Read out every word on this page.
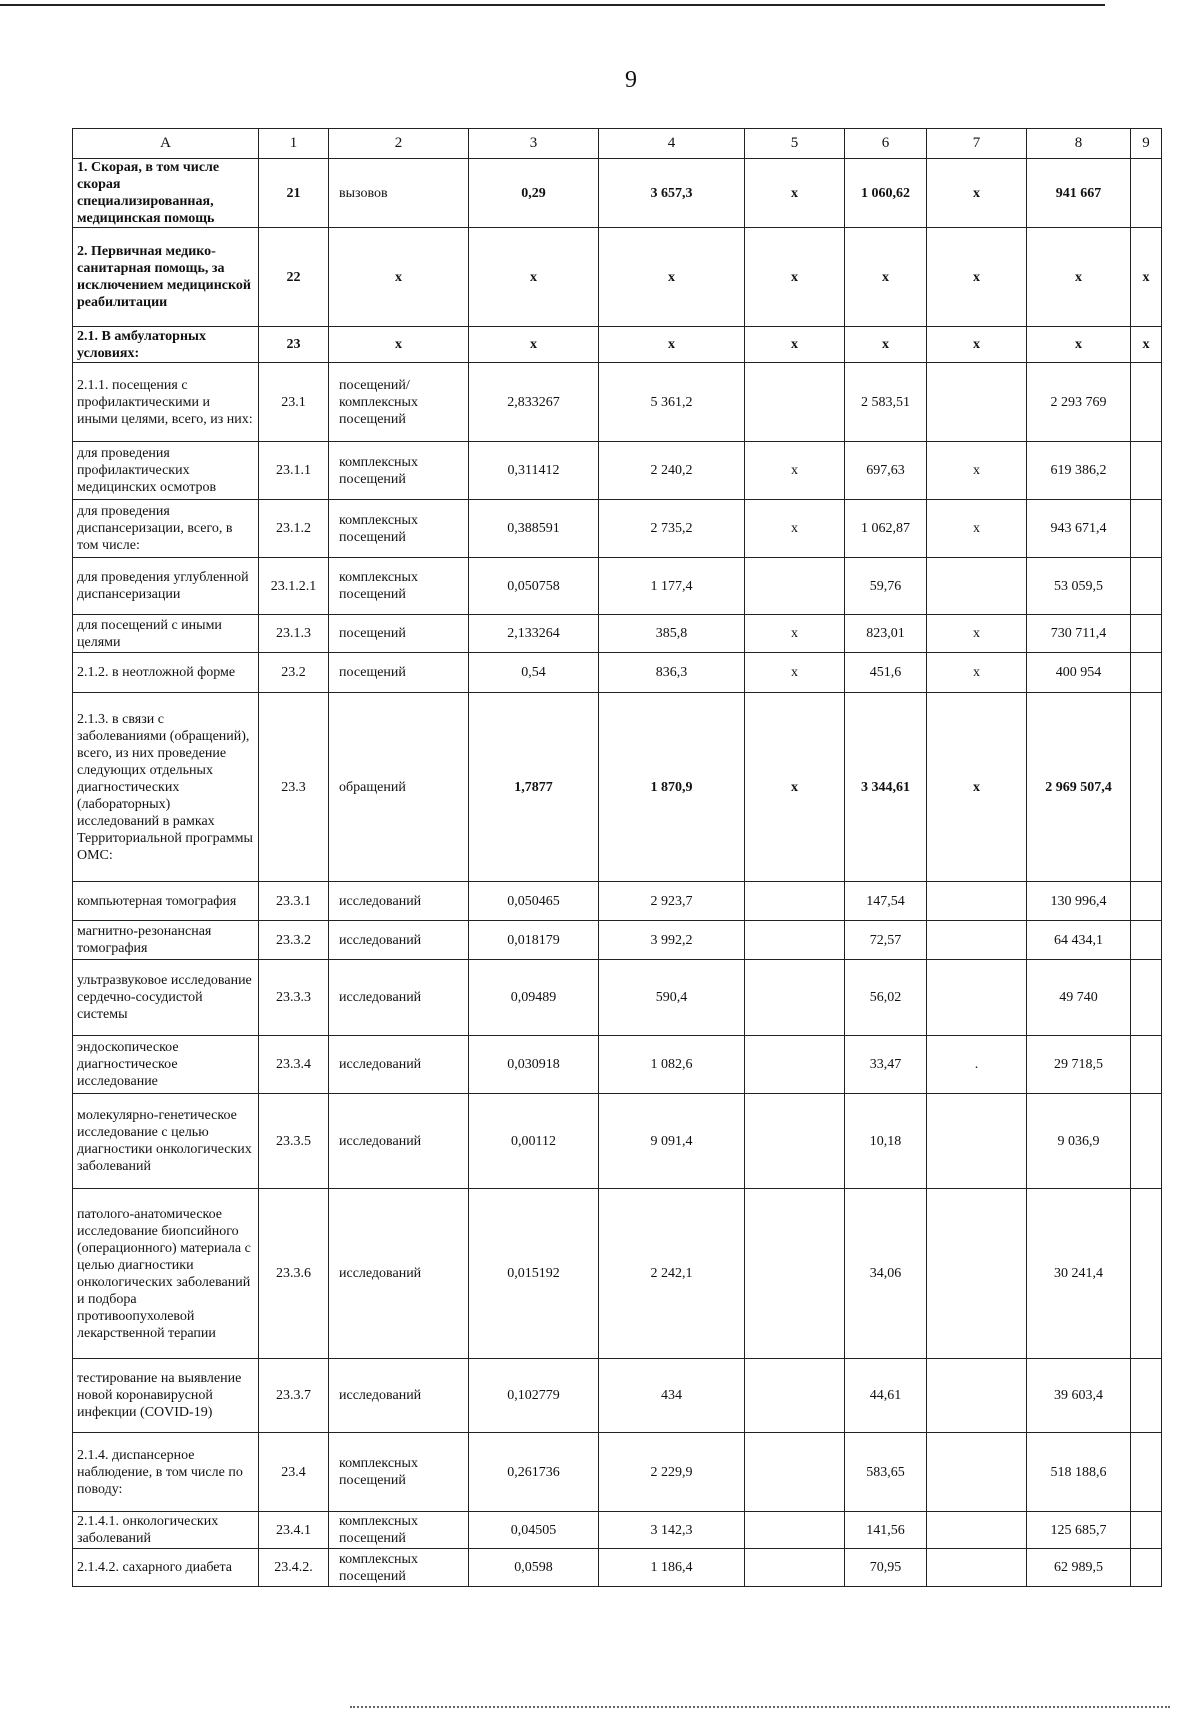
9
А	1	2	3	4	5	6	7	8	9
1. Скорая, в том числе скорая специализированная, медицинская помощь	21	вызовов	0,29	3 657,3	х	1 060,62	х	941 667	
2. Первичная медико-санитарная помощь, за исключением медицинской реабилитации	22	х	х	х	х	х	х	х	х
2.1. В амбулаторных условиях:	23	х	х	х	х	х	х	х	х
2.1.1. посещения с профилактическими и иными целями, всего, из них:	23.1	посещений/ комплексных посещений	2,833267	5 361,2		2 583,51		2 293 769	
для проведения профилактических медицинских осмотров	23.1.1	комплексных посещений	0,311412	2 240,2	х	697,63	х	619 386,2	
для проведения диспансеризации, всего, в том числе:	23.1.2	комплексных посещений	0,388591	2 735,2	х	1 062,87	х	943 671,4	
для проведения углубленной диспансеризации	23.1.2.1	комплексных посещений	0,050758	1 177,4		59,76		53 059,5	
для посещений с иными целями	23.1.3	посещений	2,133264	385,8	х	823,01	х	730 711,4	
2.1.2. в неотложной форме	23.2	посещений	0,54	836,3	х	451,6	х	400 954	
2.1.3. в связи с заболеваниями (обращений), всего, из них проведение следующих отдельных диагностических (лабораторных) исследований в рамках Территориальной программы ОМС:	23.3	обращений	1,7877	1 870,9	х	3 344,61	х	2 969 507,4	
компьютерная томография	23.3.1	исследований	0,050465	2 923,7		147,54		130 996,4	
магнитно-резонансная томография	23.3.2	исследований	0,018179	3 992,2		72,57		64 434,1	
ультразвуковое исследование сердечно-сосудистой системы	23.3.3	исследований	0,09489	590,4		56,02		49 740	
эндоскопическое диагностическое исследование	23.3.4	исследований	0,030918	1 082,6		33,47	.	29 718,5	
молекулярно-генетическое исследование с целью диагностики онкологических заболеваний	23.3.5	исследований	0,00112	9 091,4		10,18		9 036,9	
патолого-анатомическое исследование биопсийного (операционного) материала с целью диагностики онкологических заболеваний и подбора противоопухолевой лекарственной терапии	23.3.6	исследований	0,015192	2 242,1		34,06		30 241,4	
тестирование на выявление новой коронавирусной инфекции (COVID-19)	23.3.7	исследований	0,102779	434		44,61		39 603,4	
2.1.4. диспансерное наблюдение, в том числе по поводу:	23.4	комплексных посещений	0,261736	2 229,9		583,65		518 188,6	
2.1.4.1. онкологических заболеваний	23.4.1	комплексных посещений	0,04505	3 142,3		141,56		125 685,7	
2.1.4.2. сахарного диабета	23.4.2.	комплексных посещений	0,0598	1 186,4		70,95		62 989,5	
